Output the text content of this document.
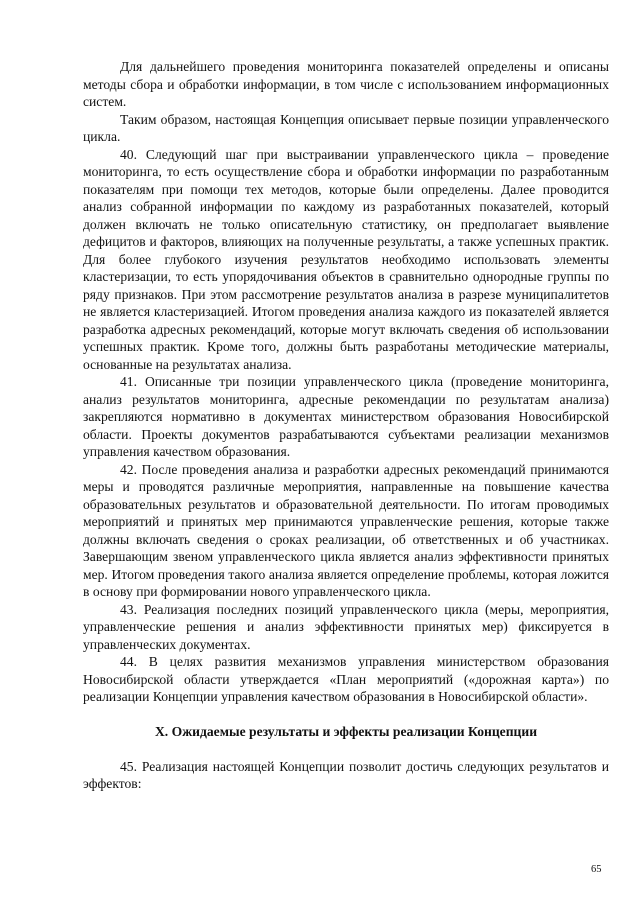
Для дальнейшего проведения мониторинга показателей определены и описаны методы сбора и обработки информации, в том числе с использованием информационных систем.

Таким образом, настоящая Концепция описывает первые позиции управленческого цикла.

40. Следующий шаг при выстраивании управленческого цикла – проведение мониторинга, то есть осуществление сбора и обработки информации по разработанным показателям при помощи тех методов, которые были определены. Далее проводится анализ собранной информации по каждому из разработанных показателей, который должен включать не только описательную статистику, он предполагает выявление дефицитов и факторов, влияющих на полученные результаты, а также успешных практик. Для более глубокого изучения результатов необходимо использовать элементы кластеризации, то есть упорядочивания объектов в сравнительно однородные группы по ряду признаков. При этом рассмотрение результатов анализа в разрезе муниципалитетов не является кластеризацией. Итогом проведения анализа каждого из показателей является разработка адресных рекомендаций, которые могут включать сведения об использовании успешных практик. Кроме того, должны быть разработаны методические материалы, основанные на результатах анализа.

41. Описанные три позиции управленческого цикла (проведение мониторинга, анализ результатов мониторинга, адресные рекомендации по результатам анализа) закрепляются нормативно в документах министерством образования Новосибирской области. Проекты документов разрабатываются субъектами реализации механизмов управления качеством образования.

42. После проведения анализа и разработки адресных рекомендаций принимаются меры и проводятся различные мероприятия, направленные на повышение качества образовательных результатов и образовательной деятельности. По итогам проводимых мероприятий и принятых мер принимаются управленческие решения, которые также должны включать сведения о сроках реализации, об ответственных и об участниках. Завершающим звеном управленческого цикла является анализ эффективности принятых мер. Итогом проведения такого анализа является определение проблемы, которая ложится в основу при формировании нового управленческого цикла.

43. Реализация последних позиций управленческого цикла (меры, мероприятия, управленческие решения и анализ эффективности принятых мер) фиксируется в управленческих документах.

44. В целях развития механизмов управления министерством образования Новосибирской области утверждается «План мероприятий («дорожная карта») по реализации Концепции управления качеством образования в Новосибирской области».

X. Ожидаемые результаты и эффекты реализации Концепции

45. Реализация настоящей Концепции позволит достичь следующих результатов и эффектов:

65
